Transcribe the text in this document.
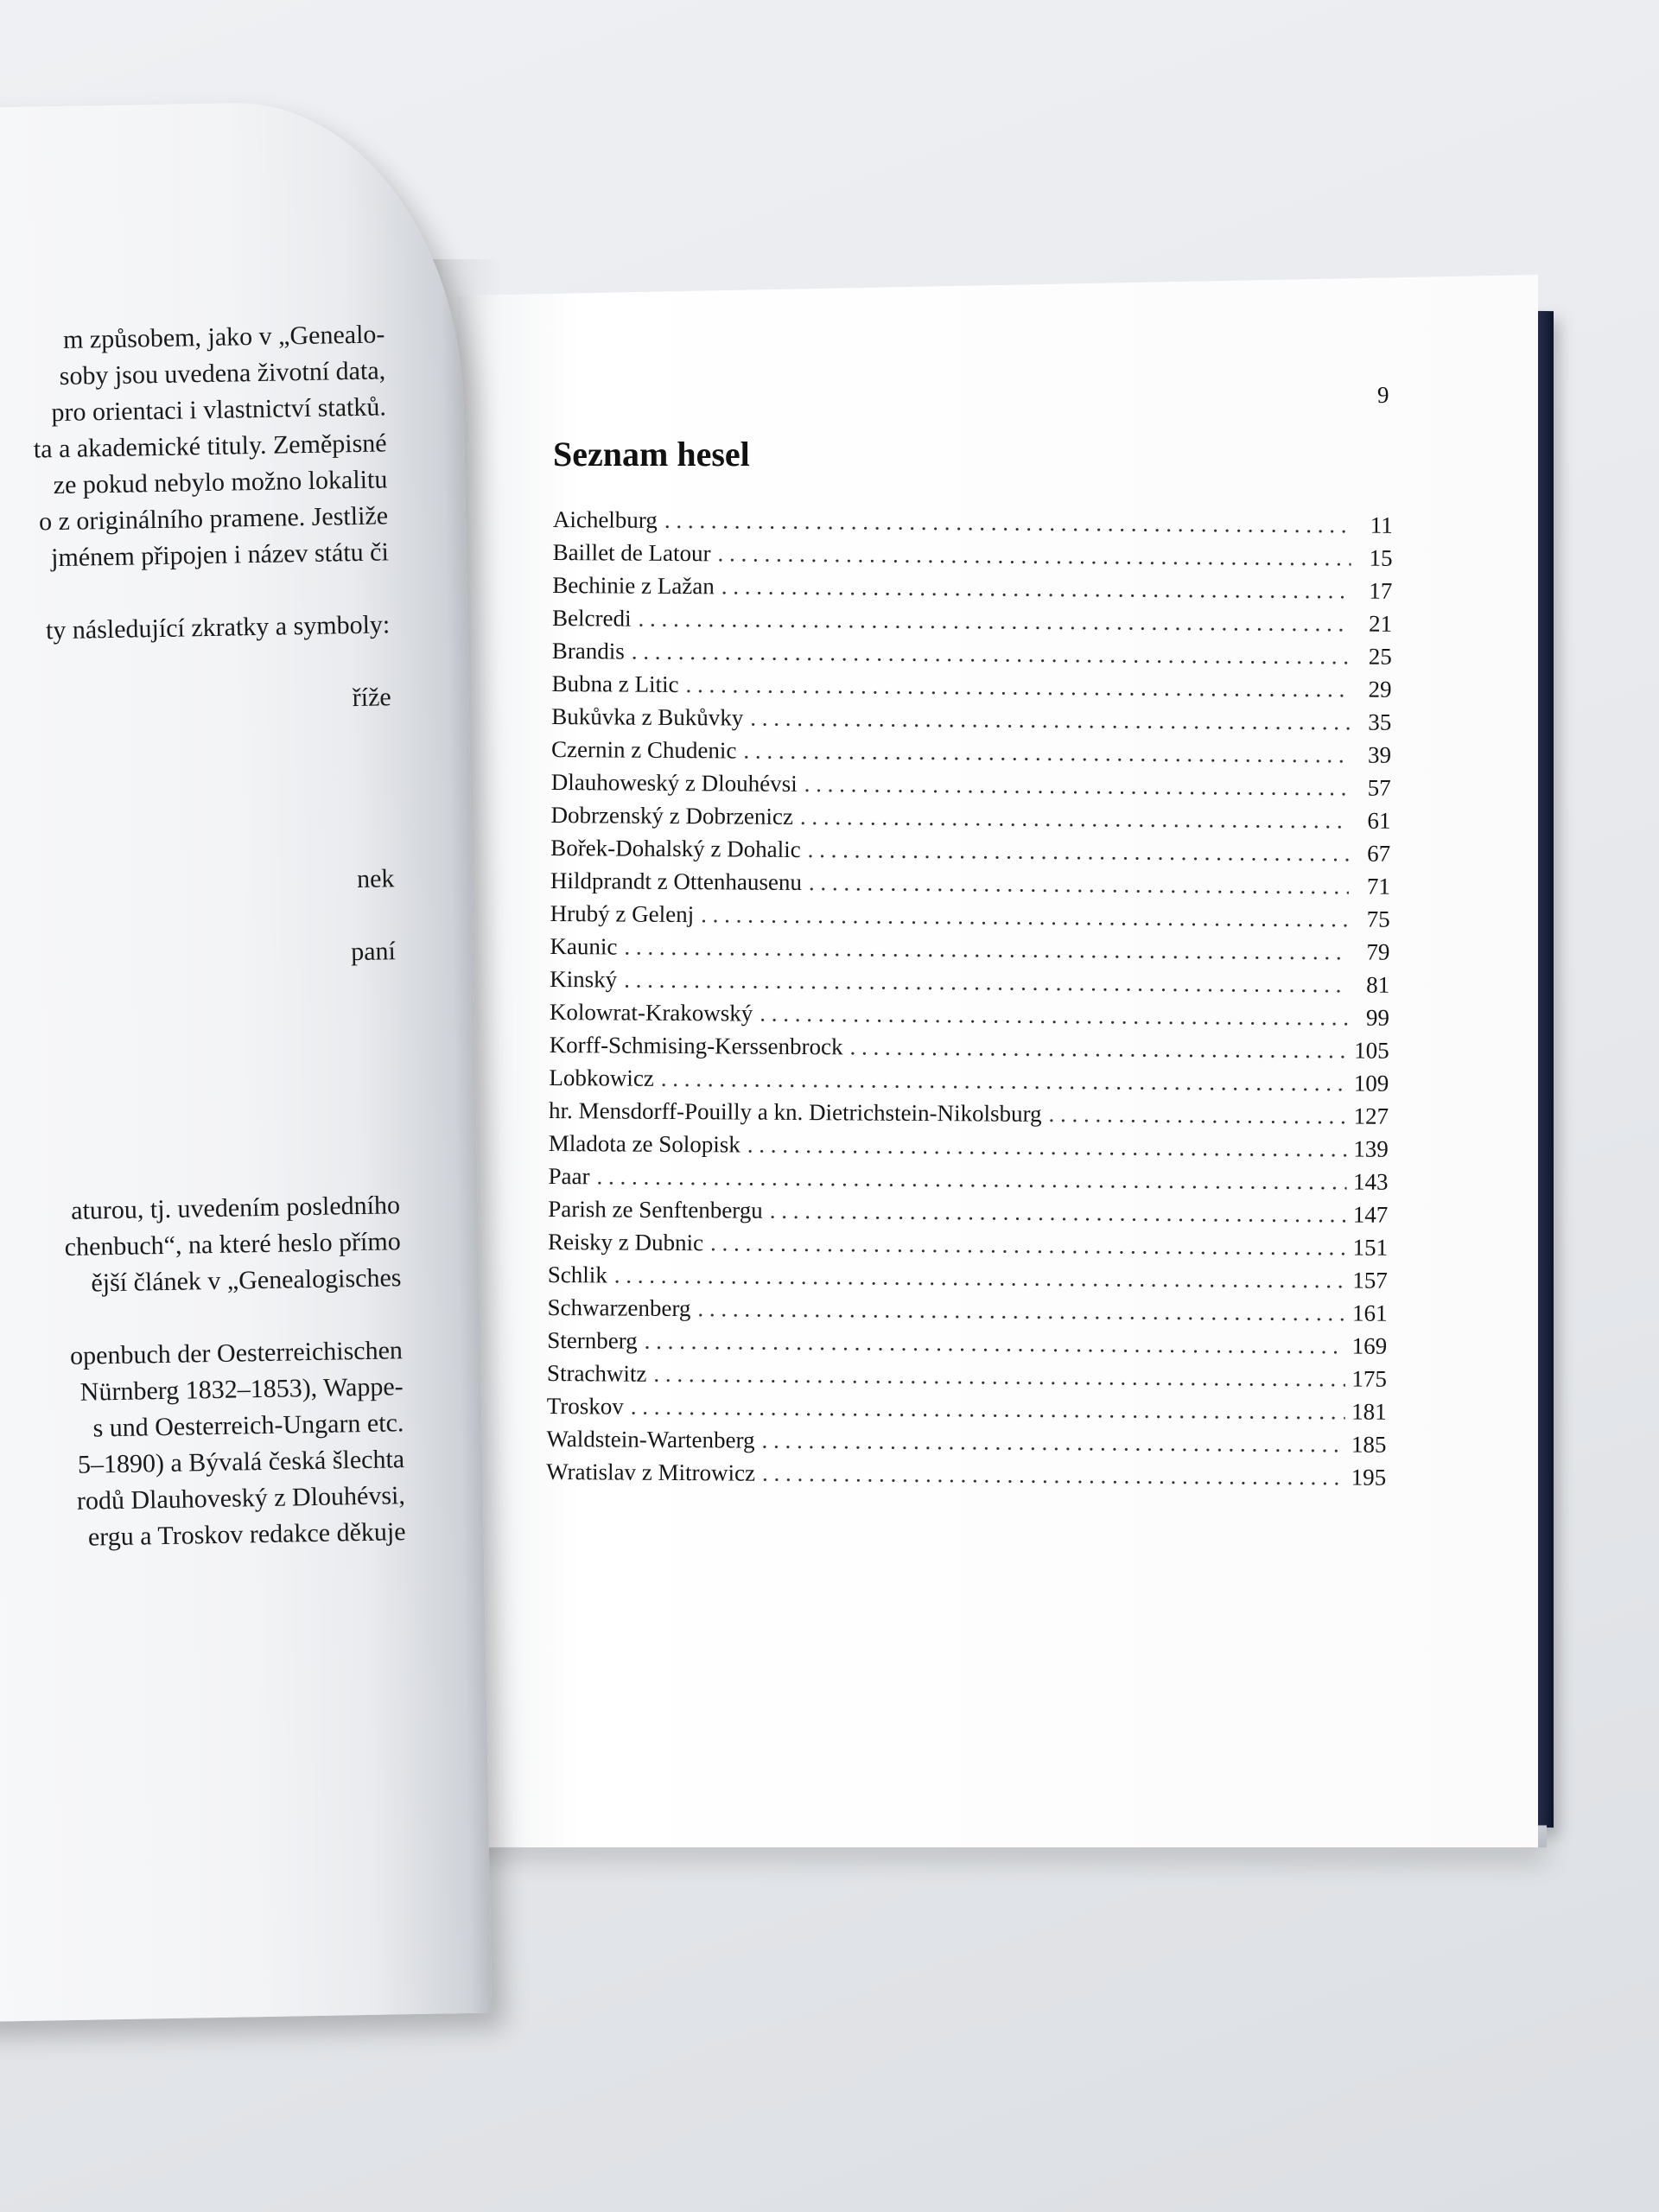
9
Seznam hesel
Aichelburg . . .	11
Baillet de Latour . . .	15
Bechinie z Lažan . . .	17
Belcredi . . .	21
Brandis . . .	25
Bubna z Litic . . .	29
Bukůvka z Bukůvky . . .	35
Czernin z Chudenic . . .	39
Dlauhoweský z Dlouhévsi . . .	57
Dobrzenský z Dobrzenicz . . .	61
Bořek-Dohalský z Dohalic . . .	67
Hildprandt z Ottenhausenu . . .	71
Hrubý z Gelenj . . .	75
Kaunic . . .	79
Kinský . . .	81
Kolowrat-Krakowský . . .	99
Korff-Schmising-Kerssenbrock . . .	105
Lobkowicz . . .	109
hr. Mensdorff-Pouilly a kn. Dietrichstein-Nikolsburg . . .	127
Mladota ze Solopisk . . .	139
Paar . . .	143
Parish ze Senftenbergu . . .	147
Reisky z Dubnic . . .	151
Schlik . . .	157
Schwarzenberg . . .	161
Sternberg . . .	169
Strachwitz . . .	175
Troskov . . .	181
Waldstein-Wartenberg . . .	185
Wratislav z Mitrowicz . . .	195
m způsobem, jako v „Genealo-
soby jsou uvedena životní data,
pro orientaci i vlastnictví statků.
ta a akademické tituly. Zeměpisné
ze pokud nebylo možno lokalitu
o z originálního pramene. Jestliže
jménem připojen i název státu či
ty následující zkratky a symboly:
říže
nek
paní
aturou, tj. uvedením posledního
chenbuch“, na které heslo přímo
ější článek v „Genealogisches
openbuch der Oesterreichischen
Nürnberg 1832–1853), Wappe-
s und Oesterreich-Ungarn etc.
5–1890) a Bývalá česká šlechta
rodů Dlauhoveský z Dlouhévsi,
ergu a Troskov redakce děkuje
